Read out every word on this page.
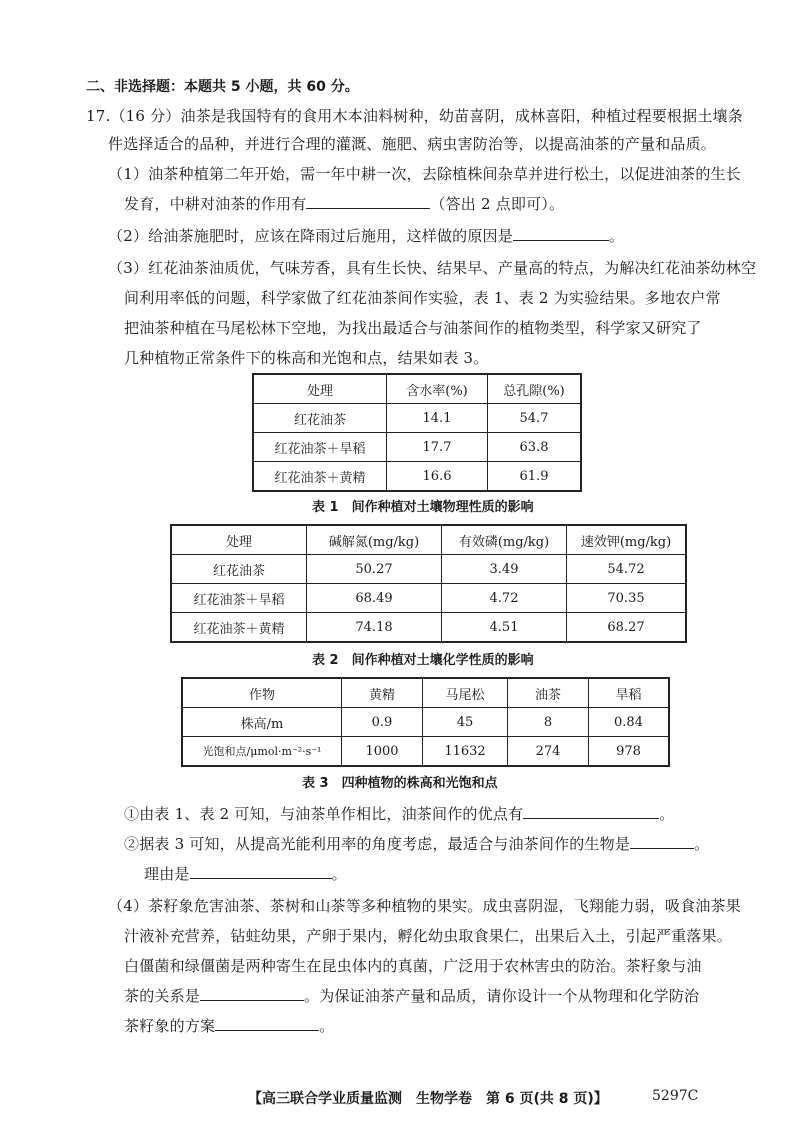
二、非选择题：本题共 5 小题，共 60 分。
17.（16 分）油茶是我国特有的食用木本油料树种，幼苗喜阴，成林喜阳，种植过程要根据土壤条
件选择适合的品种，并进行合理的灌溉、施肥、病虫害防治等，以提高油茶的产量和品质。
（1）油茶种植第二年开始，需一年中耕一次，去除植株间杂草并进行松土，以促进油茶的生长
发育，中耕对油茶的作用有	（答出 2 点即可）。
（2）给油茶施肥时，应该在降雨过后施用，这样做的原因是	。
（3）红花油茶油质优，气味芳香，具有生长快、结果早、产量高的特点，为解决红花油茶幼林空
间利用率低的问题，科学家做了红花油茶间作实验，表 1、表 2 为实验结果。多地农户常
把油茶种植在马尾松林下空地，为找出最适合与油茶间作的植物类型，科学家又研究了
几种植物正常条件下的株高和光饱和点，结果如表 3。
处理	含水率(%)	总孔隙(%)
红花油茶	14.1	54.7
红花油茶＋旱稻	17.7	63.8
红花油茶＋黄精	16.6	61.9
表 1　间作种植对土壤物理性质的影响
处理	碱解氮(mg/kg)	有效磷(mg/kg)	速效钾(mg/kg)
红花油茶	50.27	3.49	54.72
红花油茶＋旱稻	68.49	4.72	70.35
红花油茶＋黄精	74.18	4.51	68.27
表 2　间作种植对土壤化学性质的影响
作物	黄精	马尾松	油茶	旱稻
株高/m	0.9	45	8	0.84
光饱和点/μmol·m⁻²·s⁻¹	1000	11632	274	978
表 3　四种植物的株高和光饱和点
①由表 1、表 2 可知，与油茶单作相比，油茶间作的优点有	。
②据表 3 可知，从提高光能利用率的角度考虑，最适合与油茶间作的生物是	。
理由是	。
（4）茶籽象危害油茶、茶树和山茶等多种植物的果实。成虫喜阴湿，飞翔能力弱，吸食油茶果
汁液补充营养，钻蛀幼果，产卵于果内，孵化幼虫取食果仁，出果后入土，引起严重落果。
白僵菌和绿僵菌是两种寄生在昆虫体内的真菌，广泛用于农林害虫的防治。茶籽象与油
茶的关系是	。为保证油茶产量和品质，请你设计一个从物理和化学防治
茶籽象的方案	。
【高三联合学业质量监测　生物学卷　第 6 页(共 8 页)】	5297C
